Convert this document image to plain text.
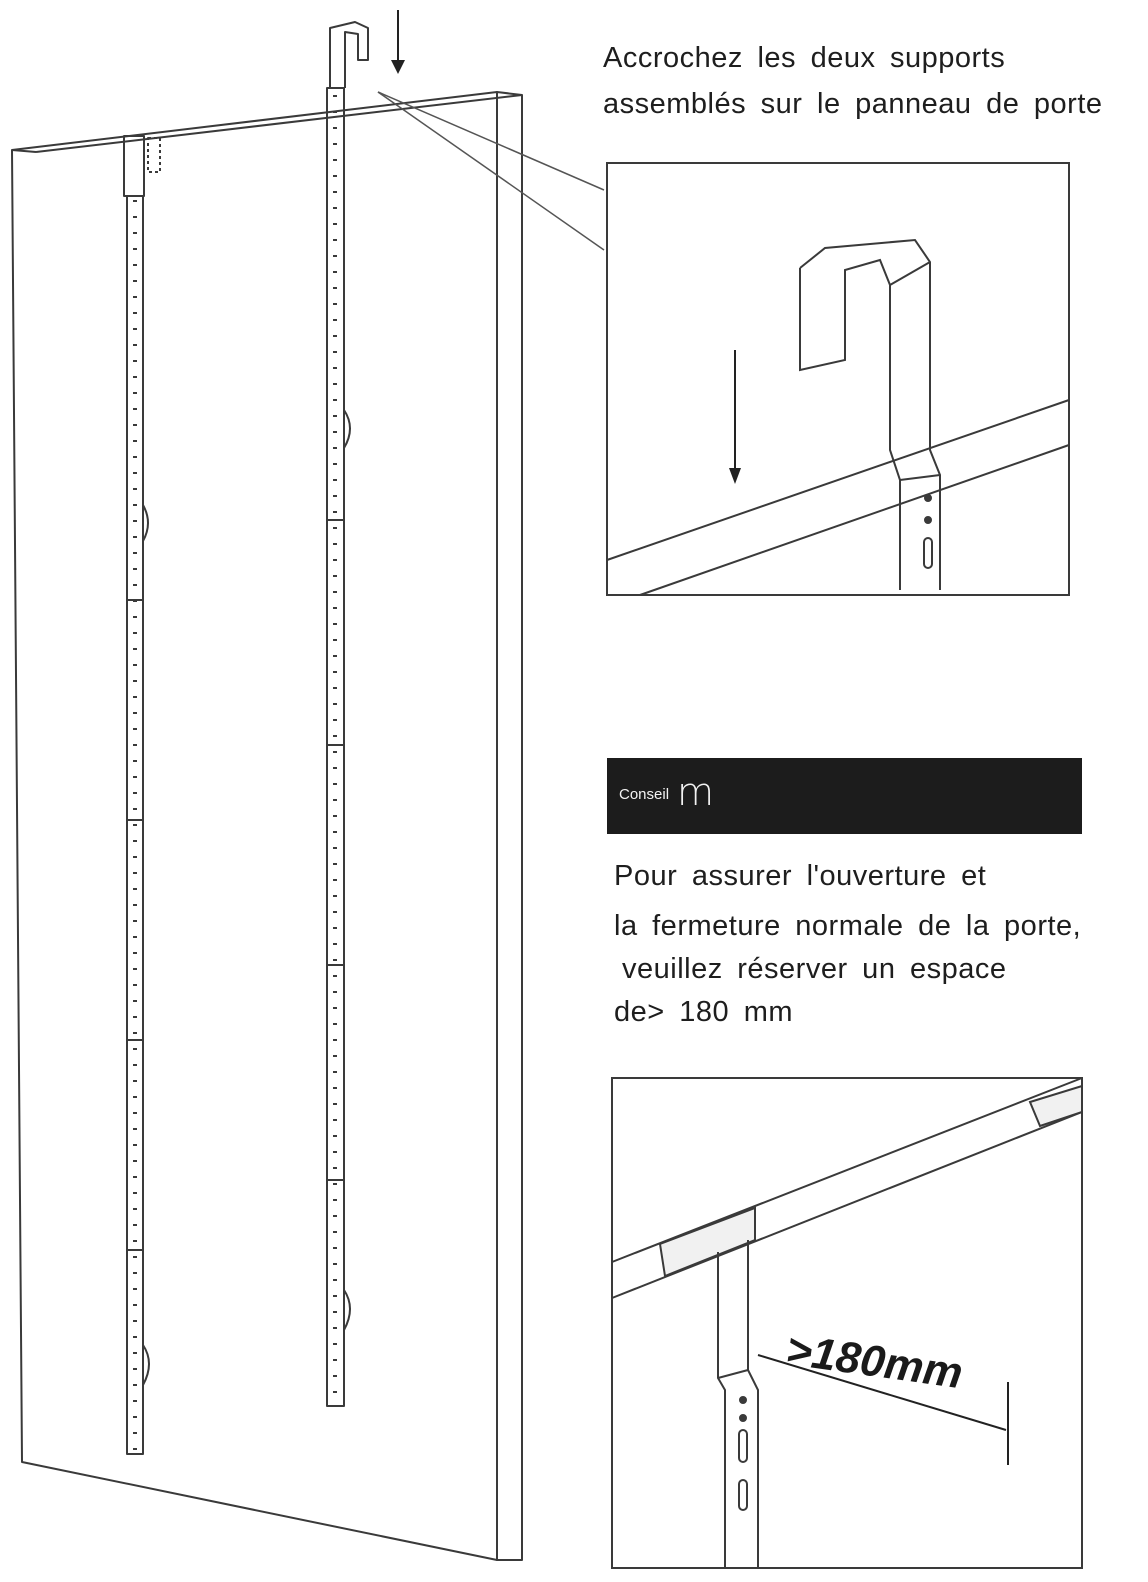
Accrochez les deux supports
assemblés sur le panneau de porte
Conseil m
Pour assurer l'ouverture et
la fermeture normale de la porte,
veuillez réserver un espace
de> 180 mm
>180mm
